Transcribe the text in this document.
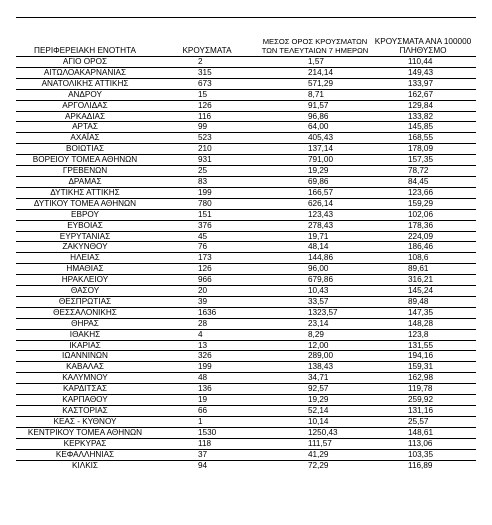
ΠΕΡΙΦΕΡΕΙΑΚΗ ΕΝΟΤΗΤΑ	ΚΡΟΥΣΜΑΤΑ	ΜΕΣΟΣ ΟΡΟΣ ΚΡΟΥΣΜΑΤΩΝ ΤΩΝ ΤΕΛΕΥΤΑΙΩΝ 7 ΗΜΕΡΩΝ	ΚΡΟΥΣΜΑΤΑ ΑΝΑ 100000 ΠΛΗΘΥΣΜΟ
ΑΓΙΟ ΟΡΟΣ	2	1,57	110,44
ΑΙΤΩΛΟΑΚΑΡΝΑΝΙΑΣ	315	214,14	149,43
ΑΝΑΤΟΛΙΚΗΣ ΑΤΤΙΚΗΣ	673	571,29	133,97
ΑΝΔΡΟΥ	15	8,71	162,67
ΑΡΓΟΛΙΔΑΣ	126	91,57	129,84
ΑΡΚΑΔΙΑΣ	116	96,86	133,82
ΑΡΤΑΣ	99	64,00	145,85
ΑΧΑΪΑΣ	523	405,43	168,55
ΒΟΙΩΤΙΑΣ	210	137,14	178,09
ΒΟΡΕΙΟΥ ΤΟΜΕΑ ΑΘΗΝΩΝ	931	791,00	157,35
ΓΡΕΒΕΝΩΝ	25	19,29	78,72
ΔΡΑΜΑΣ	83	69,86	84,45
ΔΥΤΙΚΗΣ ΑΤΤΙΚΗΣ	199	166,57	123,66
ΔΥΤΙΚΟΥ ΤΟΜΕΑ ΑΘΗΝΩΝ	780	626,14	159,29
ΕΒΡΟΥ	151	123,43	102,06
ΕΥΒΟΙΑΣ	376	278,43	178,36
ΕΥΡΥΤΑΝΙΑΣ	45	19,71	224,09
ΖΑΚΥΝΘΟΥ	76	48,14	186,46
ΗΛΕΙΑΣ	173	144,86	108,6
ΗΜΑΘΙΑΣ	126	96,00	89,61
ΗΡΑΚΛΕΙΟΥ	966	679,86	316,21
ΘΑΣΟΥ	20	10,43	145,24
ΘΕΣΠΡΩΤΙΑΣ	39	33,57	89,48
ΘΕΣΣΑΛΟΝΙΚΗΣ	1636	1323,57	147,35
ΘΗΡΑΣ	28	23,14	148,28
ΙΘΑΚΗΣ	4	8,29	123,8
ΙΚΑΡΙΑΣ	13	12,00	131,55
ΙΩΑΝΝΙΝΩΝ	326	289,00	194,16
ΚΑΒΑΛΑΣ	199	138,43	159,31
ΚΑΛΥΜΝΟΥ	48	34,71	162,98
ΚΑΡΔΙΤΣΑΣ	136	92,57	119,78
ΚΑΡΠΑΘΟΥ	19	19,29	259,92
ΚΑΣΤΟΡΙΑΣ	66	52,14	131,16
ΚΕΑΣ - ΚΥΘΝΟΥ	1	10,14	25,57
ΚΕΝΤΡΙΚΟΥ ΤΟΜΕΑ ΑΘΗΝΩΝ	1530	1250,43	148,61
ΚΕΡΚΥΡΑΣ	118	111,57	113,06
ΚΕΦΑΛΛΗΝΙΑΣ	37	41,29	103,35
ΚΙΛΚΙΣ	94	72,29	116,89
